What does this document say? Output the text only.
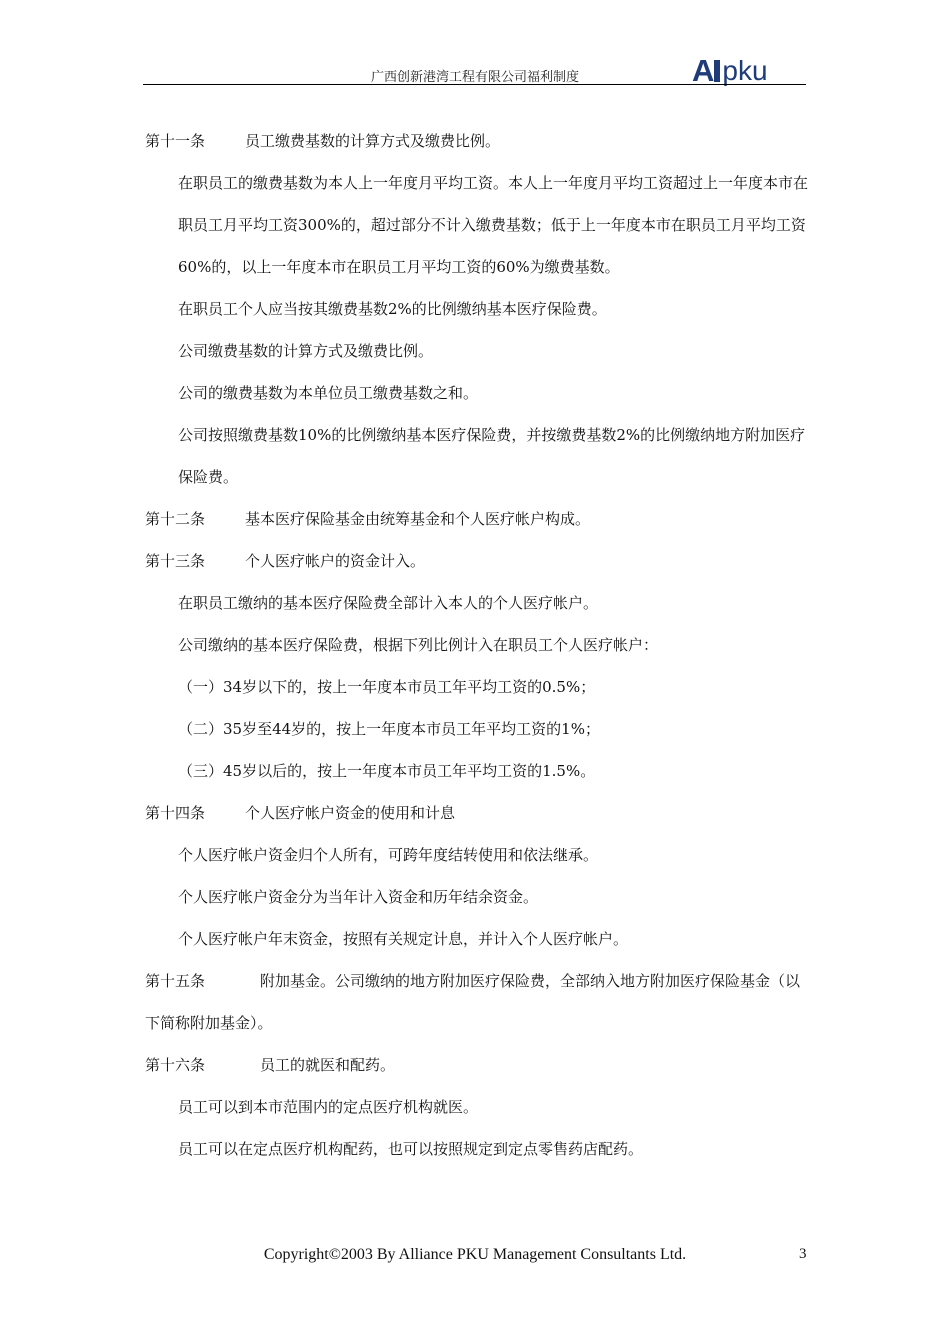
广西创新港湾工程有限公司福利制度	A pku

第十一条	员工缴费基数的计算方式及缴费比例。

在职员工的缴费基数为本人上一年度月平均工资。本人上一年度月平均工资超过上一年度本市在职员工月平均工资300%的，超过部分不计入缴费基数；低于上一年度本市在职员工月平均工资60%的，以上一年度本市在职员工月平均工资的60%为缴费基数。

在职员工个人应当按其缴费基数2%的比例缴纳基本医疗保险费。

公司缴费基数的计算方式及缴费比例。

公司的缴费基数为本单位员工缴费基数之和。

公司按照缴费基数10%的比例缴纳基本医疗保险费，并按缴费基数2%的比例缴纳地方附加医疗保险费。

第十二条	基本医疗保险基金由统筹基金和个人医疗帐户构成。

第十三条	个人医疗帐户的资金计入。

在职员工缴纳的基本医疗保险费全部计入本人的个人医疗帐户。

公司缴纳的基本医疗保险费，根据下列比例计入在职员工个人医疗帐户：

（一）34岁以下的，按上一年度本市员工年平均工资的0.5%；

（二）35岁至44岁的，按上一年度本市员工年平均工资的1%；

（三）45岁以后的，按上一年度本市员工年平均工资的1.5%。

第十四条	个人医疗帐户资金的使用和计息

个人医疗帐户资金归个人所有，可跨年度结转使用和依法继承。

个人医疗帐户资金分为当年计入资金和历年结余资金。

个人医疗帐户年末资金，按照有关规定计息，并计入个人医疗帐户。

第十五条	附加基金。公司缴纳的地方附加医疗保险费，全部纳入地方附加医疗保险基金（以下简称附加基金）。

第十六条	员工的就医和配药。

员工可以到本市范围内的定点医疗机构就医。

员工可以在定点医疗机构配药，也可以按照规定到定点零售药店配药。

Copyright©2003 By Alliance PKU Management Consultants Ltd.	3
